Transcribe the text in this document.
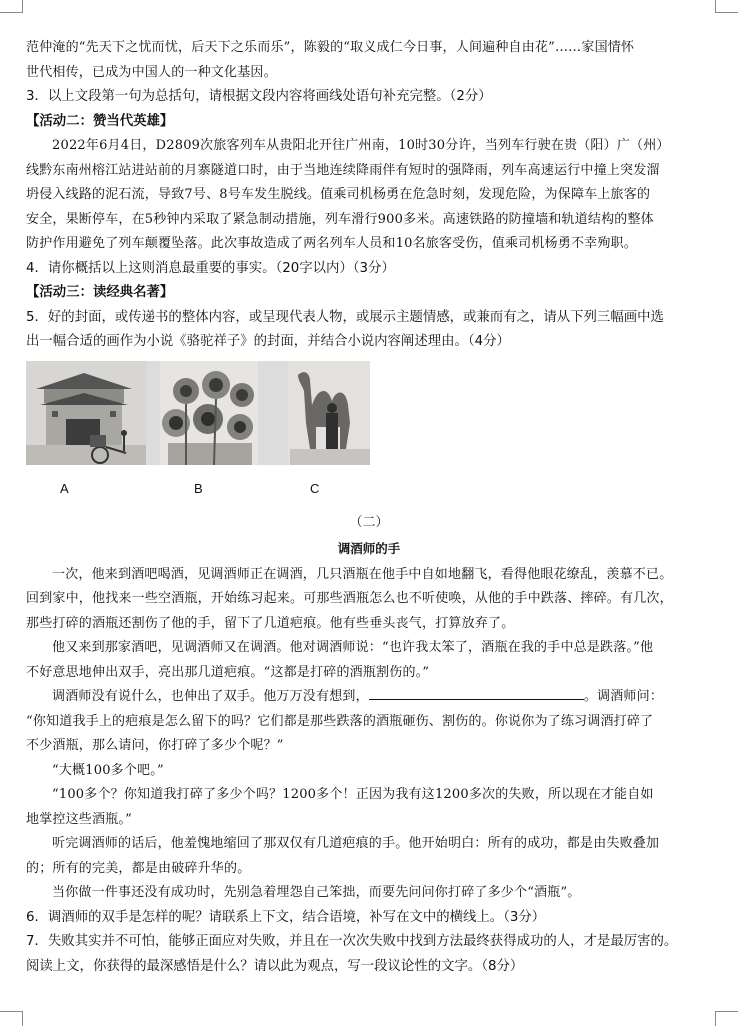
范仲淹的“先天下之忧而忧，后天下之乐而乐”，陈毅的“取义成仁今日事，人间遍种自由花”……家国情怀

世代相传，已成为中国人的一种文化基因。

3．以上文段第一句为总括句，请根据文段内容将画线处语句补充完整。（2分）

【活动二：赞当代英雄】

2022年6月4日，D2809次旅客列车从贵阳北开往广州南，10时30分许，当列车行驶在贵（阳）广（州）

线黔东南州榕江站进站前的月寨隧道口时，由于当地连续降雨伴有短时的强降雨，列车高速运行中撞上突发溜

坍侵入线路的泥石流，导致7号、8号车发生脱线。值乘司机杨勇在危急时刻，发现危险，为保障车上旅客的

安全，果断停车，在5秒钟内采取了紧急制动措施，列车滑行900多米。高速铁路的防撞墙和轨道结构的整体

防护作用避免了列车颠覆坠落。此次事故造成了两名列车人员和10名旅客受伤，值乘司机杨勇不幸殉职。

4．请你概括以上这则消息最重要的事实。（20字以内）（3分）

【活动三：读经典名著】

5．好的封面，或传递书的整体内容，或呈现代表人物，或展示主题情感，或兼而有之，请从下列三幅画中选

出一幅合适的画作为小说《骆驼祥子》的封面，并结合小说内容阐述理由。（4分）

A	B	C

（二）

调酒师的手

一次，他来到酒吧喝酒，见调酒师正在调酒，几只酒瓶在他手中自如地翻飞，看得他眼花缭乱，羡慕不已。

回到家中，他找来一些空酒瓶，开始练习起来。可那些酒瓶怎么也不听使唤，从他的手中跌落、摔碎。有几次，

那些打碎的酒瓶还割伤了他的手，留下了几道疤痕。他有些垂头丧气，打算放弃了。

他又来到那家酒吧，见调酒师又在调酒。他对调酒师说：“也许我太笨了，酒瓶在我的手中总是跌落。”他

不好意思地伸出双手，亮出那几道疤痕。“这都是打碎的酒瓶割伤的。”

调酒师没有说什么，也伸出了双手。他万万没有想到，	。调酒师问：

“你知道我手上的疤痕是怎么留下的吗？它们都是那些跌落的酒瓶砸伤、割伤的。你说你为了练习调酒打碎了

不少酒瓶，那么请问，你打碎了多少个呢？”

“大概100多个吧。”

“100多个？你知道我打碎了多少个吗？1200多个！正因为我有这1200多次的失败，所以现在才能自如

地掌控这些酒瓶。”

听完调酒师的话后，他羞愧地缩回了那双仅有几道疤痕的手。他开始明白：所有的成功，都是由失败叠加

的；所有的完美，都是由破碎升华的。

当你做一件事还没有成功时，先别急着埋怨自己笨拙，而要先问问你打碎了多少个“酒瓶”。

6．调酒师的双手是怎样的呢？请联系上下文，结合语境，补写在文中的横线上。（3分）

7．失败其实并不可怕，能够正面应对失败，并且在一次次失败中找到方法最终获得成功的人，才是最厉害的。

阅读上文，你获得的最深感悟是什么？请以此为观点，写一段议论性的文字。（8分）
